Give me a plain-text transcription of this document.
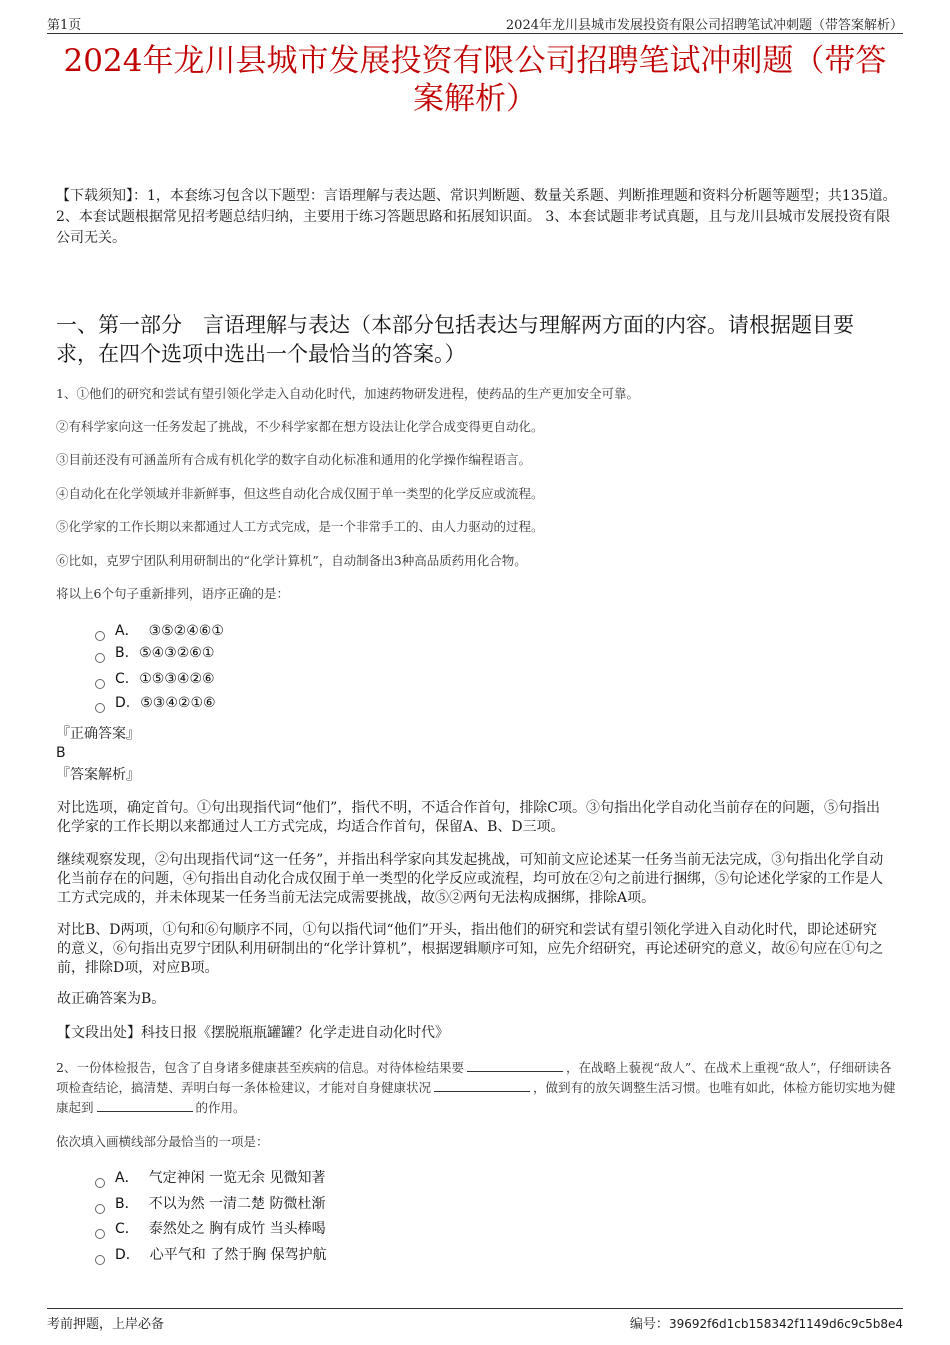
第1页	2024年龙川县城市发展投资有限公司招聘笔试冲刺题（带答案解析）
2024年龙川县城市发展投资有限公司招聘笔试冲刺题（带答案解析）
【下载须知】：1，本套练习包含以下题型：言语理解与表达题、常识判断题、数量关系题、判断推理题和资料分析题等题型；共135道。 2、本套试题根据常见招考题总结归纳，主要用于练习答题思路和拓展知识面。 3、本套试题非考试真题，且与龙川县城市发展投资有限公司无关。
一、第一部分　言语理解与表达（本部分包括表达与理解两方面的内容。请根据题目要求，在四个选项中选出一个最恰当的答案。）
1、①他们的研究和尝试有望引领化学走入自动化时代，加速药物研发进程，使药品的生产更加安全可靠。
②有科学家向这一任务发起了挑战，不少科学家都在想方设法让化学合成变得更自动化。
③目前还没有可涵盖所有合成有机化学的数字自动化标准和通用的化学操作编程语言。
④自动化在化学领域并非新鲜事，但这些自动化合成仅囿于单一类型的化学反应或流程。
⑤化学家的工作长期以来都通过人工方式完成，是一个非常手工的、由人力驱动的过程。
⑥比如，克罗宁团队利用研制出的“化学计算机”，自动制备出3种高品质药用化合物。
将以上6个句子重新排列，语序正确的是：
A． ③⑤②④⑥①
B. ⑤④③②⑥①
C. ①⑤③④②⑥
D. ⑤③④②①⑥
『正确答案』
B
『答案解析』
对比选项，确定首句。①句出现指代词“他们”，指代不明，不适合作首句，排除C项。③句指出化学自动化当前存在的问题，⑤句指出化学家的工作长期以来都通过人工方式完成，均适合作首句，保留A、B、D三项。
继续观察发现，②句出现指代词“这一任务”，并指出科学家向其发起挑战，可知前文应论述某一任务当前无法完成，③句指出化学自动化当前存在的问题，④句指出自动化合成仅囿于单一类型的化学反应或流程，均可放在②句之前进行捆绑，⑤句论述化学家的工作是人工方式完成的，并未体现某一任务当前无法完成需要挑战，故⑤②两句无法构成捆绑，排除A项。
对比B、D两项，①句和⑥句顺序不同，①句以指代词“他们”开头，指出他们的研究和尝试有望引领化学进入自动化时代，即论述研究的意义，⑥句指出克罗宁团队利用研制出的“化学计算机”，根据逻辑顺序可知，应先介绍研究，再论述研究的意义，故⑥句应在①句之前，排除D项，对应B项。
故正确答案为B。
【文段出处】科技日报《摆脱瓶瓶罐罐？化学走进自动化时代》
2、一份体检报告，包含了自身诸多健康甚至疾病的信息。对待体检结果要	，在战略上藐视“敌人”、在战术上重视“敌人”，仔细研读各项检查结论，搞清楚、弄明白每一条体检建议，才能对自身健康状况	，做到有的放矢调整生活习惯。也唯有如此，体检方能切实地为健康起到	的作用。
依次填入画横线部分最恰当的一项是：
A． 气定神闲 一览无余 见微知著
B． 不以为然 一清二楚 防微杜渐
C． 泰然处之 胸有成竹 当头棒喝
D． 心平气和 了然于胸 保驾护航
考前押题，上岸必备	编号：39692f6d1cb158342f1149d6c9c5b8e4
